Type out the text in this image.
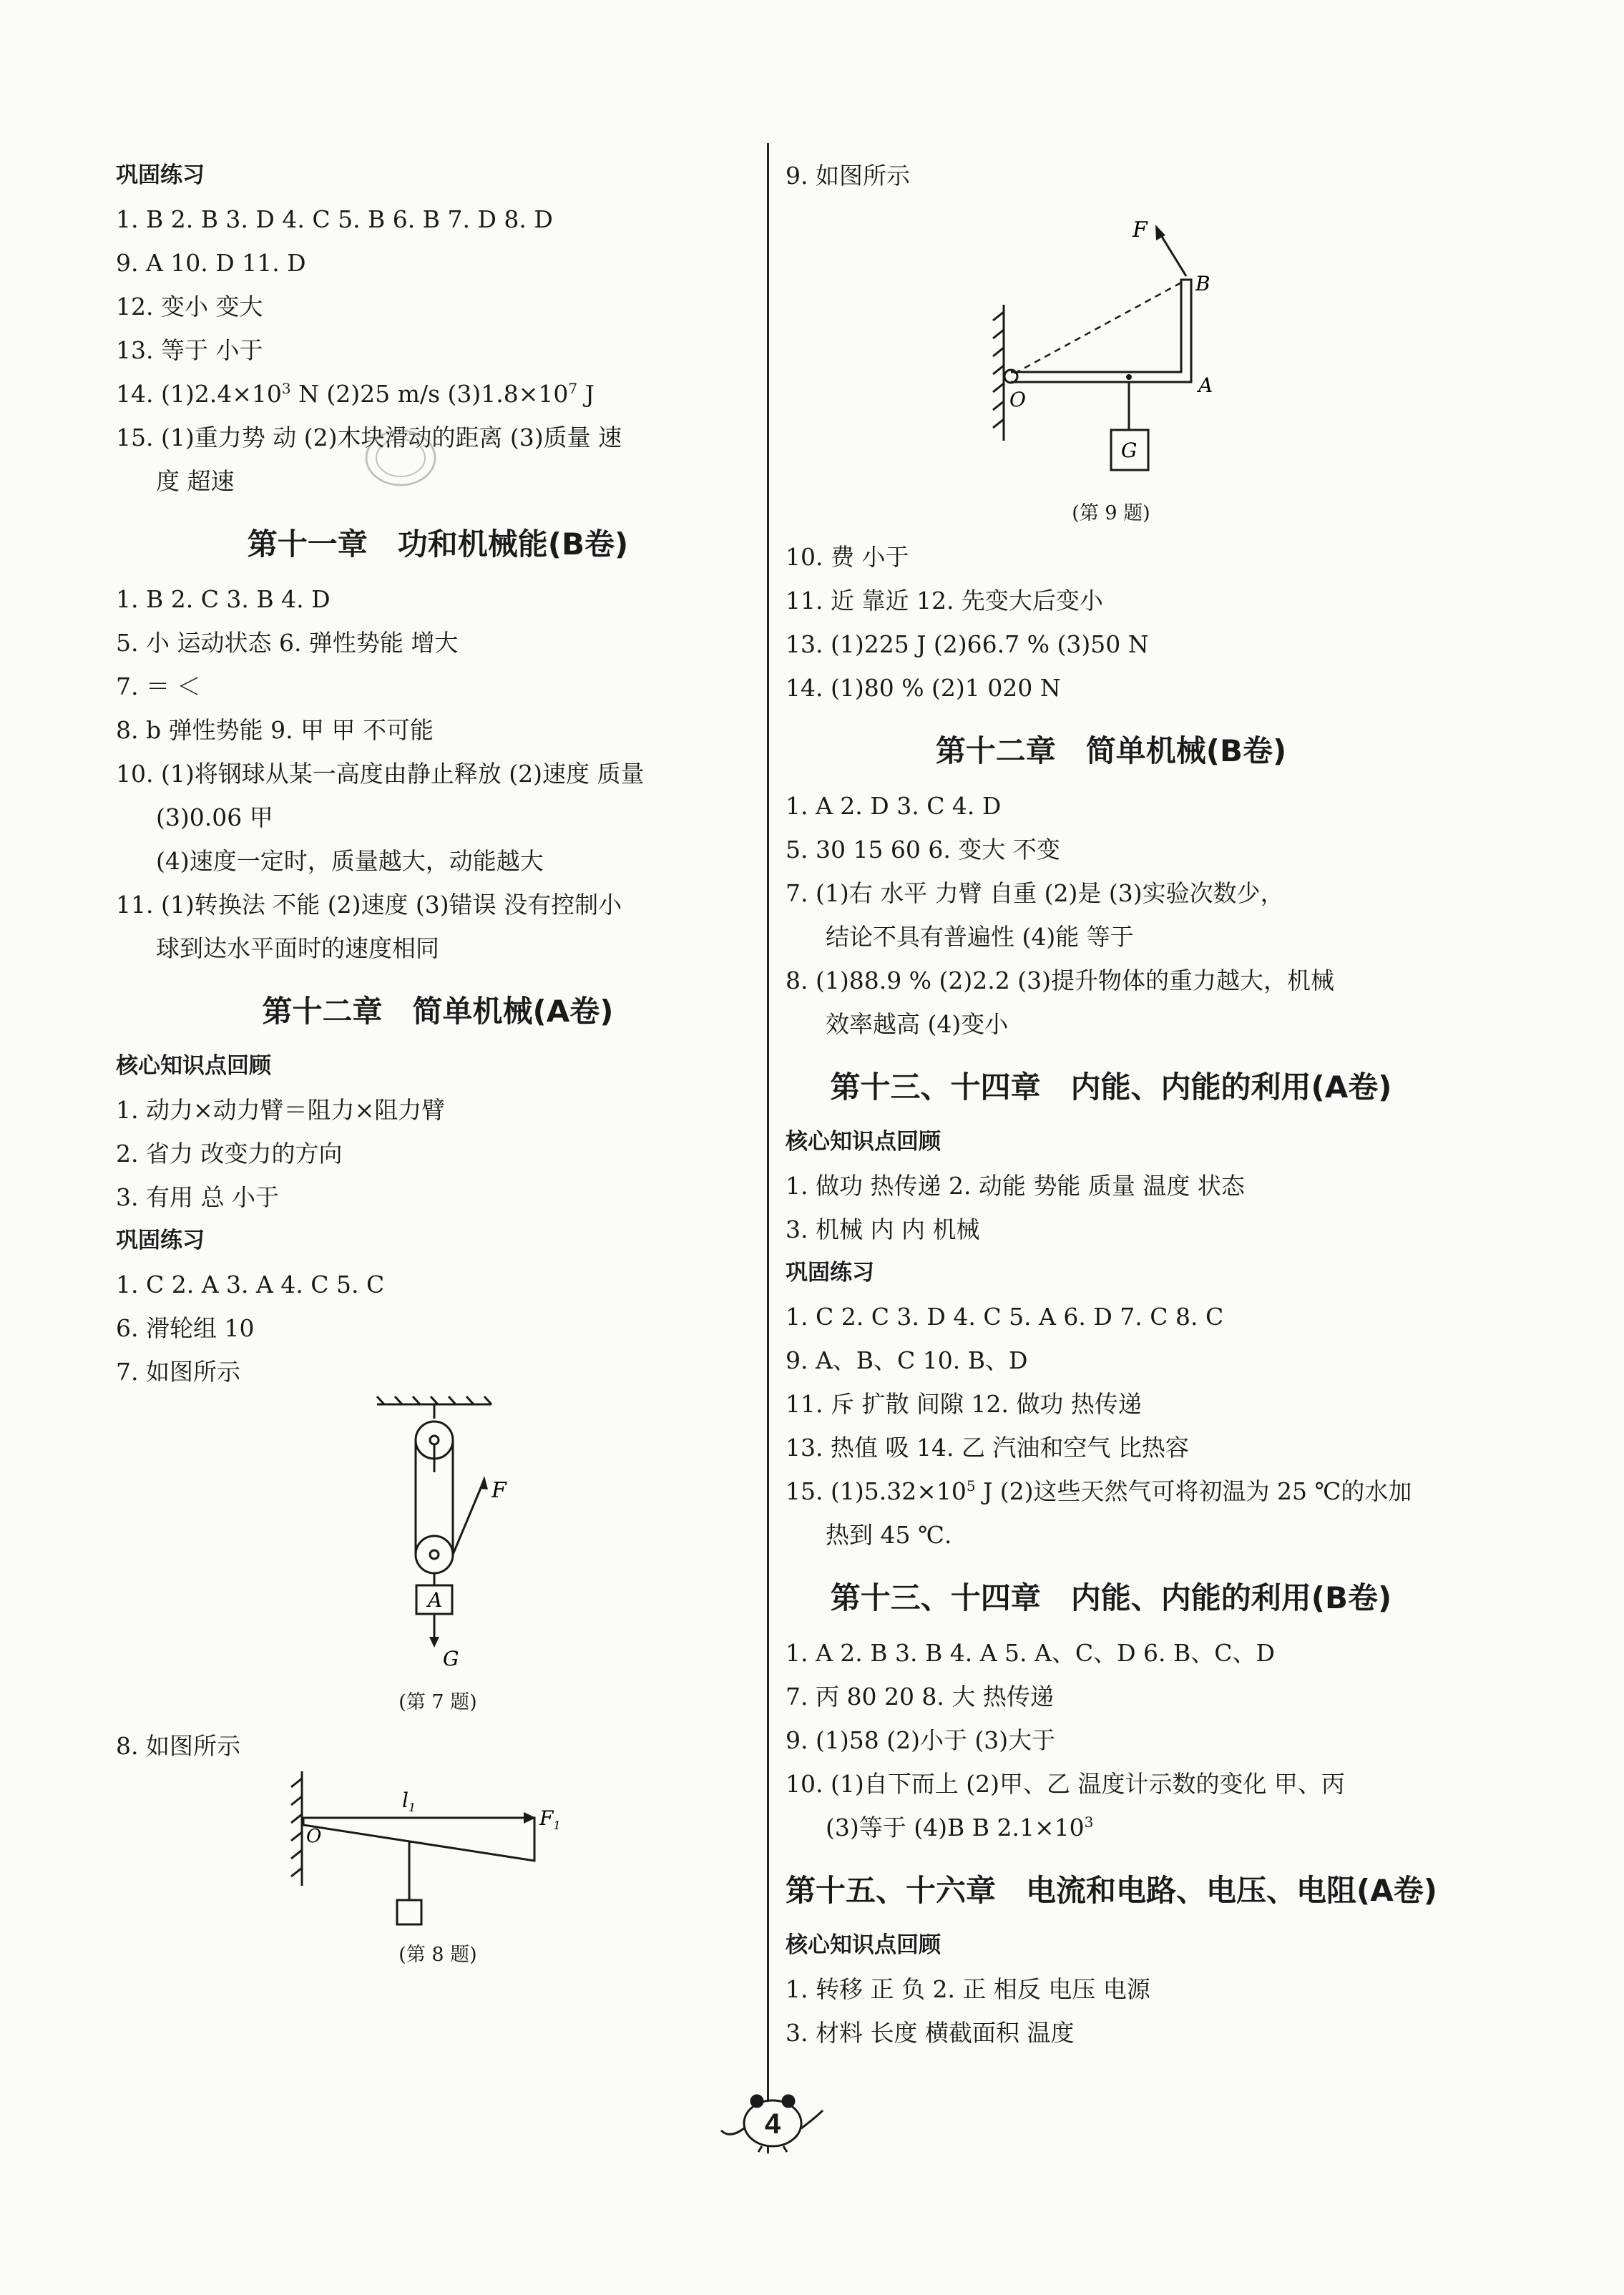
巩固练习
1. B 2. B 3. D 4. C 5. B 6. B 7. D 8. D
9. A 10. D 11. D
12. 变小 变大
13. 等于 小于
14. $(1)2.4\times 10^3$ N (2)25 m/s $(3)1.8\times 10^7$ J
15. (1)重力势 动 (2)木块滑动的距离 (3)质量 速
度 超速
第十一章　功和机械能(B卷)
1. B 2. C 3. B 4. D
5. 小 运动状态 6. 弹性势能 增大
7. ＝ ＜
8. b 弹性势能 9. 甲 甲 不可能
10. (1)将钢球从某一高度由静止释放 (2)速度 质量
(3)0.06 甲
(4)速度一定时，质量越大，动能越大
11. (1)转换法 不能 (2)速度 (3)错误 没有控制小
球到达水平面时的速度相同
第十二章　简单机械(A卷)
核心知识点回顾
1. 动力×动力臂＝阻力×阻力臂
2. 省力 改变力的方向
3. 有用 总 小于
巩固练习
1. C 2. A 3. A 4. C 5. C
6. 滑轮组 10
7. 如图所示
F
A
G
(第 7 题)
8. 如图所示
$l_1$	$F_1$
O
(第 8 题)
9. 如图所示
F
B
A
O
G
(第 9 题)
10. 费 小于
11. 近 靠近 12. 先变大后变小
13. (1)225 J (2)66.7 % (3)50 N
14. (1)80 % (2)1 020 N
第十二章　简单机械(B卷)
1. A 2. D 3. C 4. D
5. 30 15 60 6. 变大 不变
7. (1)右 水平 力臂 自重 (2)是 (3)实验次数少，
结论不具有普遍性 (4)能 等于
8. (1)88.9 % (2)2.2 (3)提升物体的重力越大，机械
效率越高 (4)变小
第十三、十四章　内能、内能的利用(A卷)
核心知识点回顾
1. 做功 热传递 2. 动能 势能 质量 温度 状态
3. 机械 内 内 机械
巩固练习
1. C 2. C 3. D 4. C 5. A 6. D 7. C 8. C
9. A、B、C 10. B、D
11. 斥 扩散 间隙 12. 做功 热传递
13. 热值 吸 14. 乙 汽油和空气 比热容
15. $(1)5.32\times 10^5$ J (2)这些天然气可将初温为 25 ℃的水加
热到 45 ℃.
第十三、十四章　内能、内能的利用(B卷)
1. A 2. B 3. B 4. A 5. A、C、D 6. B、C、D
7. 丙 80 20 8. 大 热传递
9. (1)58 (2)小于 (3)大于
10. (1)自下而上 (2)甲、乙 温度计示数的变化 甲、丙
(3)等于 (4)B B $2.1\times 10^3$
第十五、十六章　电流和电路、电压、电阻(A卷)
核心知识点回顾
1. 转移 正 负 2. 正 相反 电压 电源
3. 材料 长度 横截面积 温度
4
